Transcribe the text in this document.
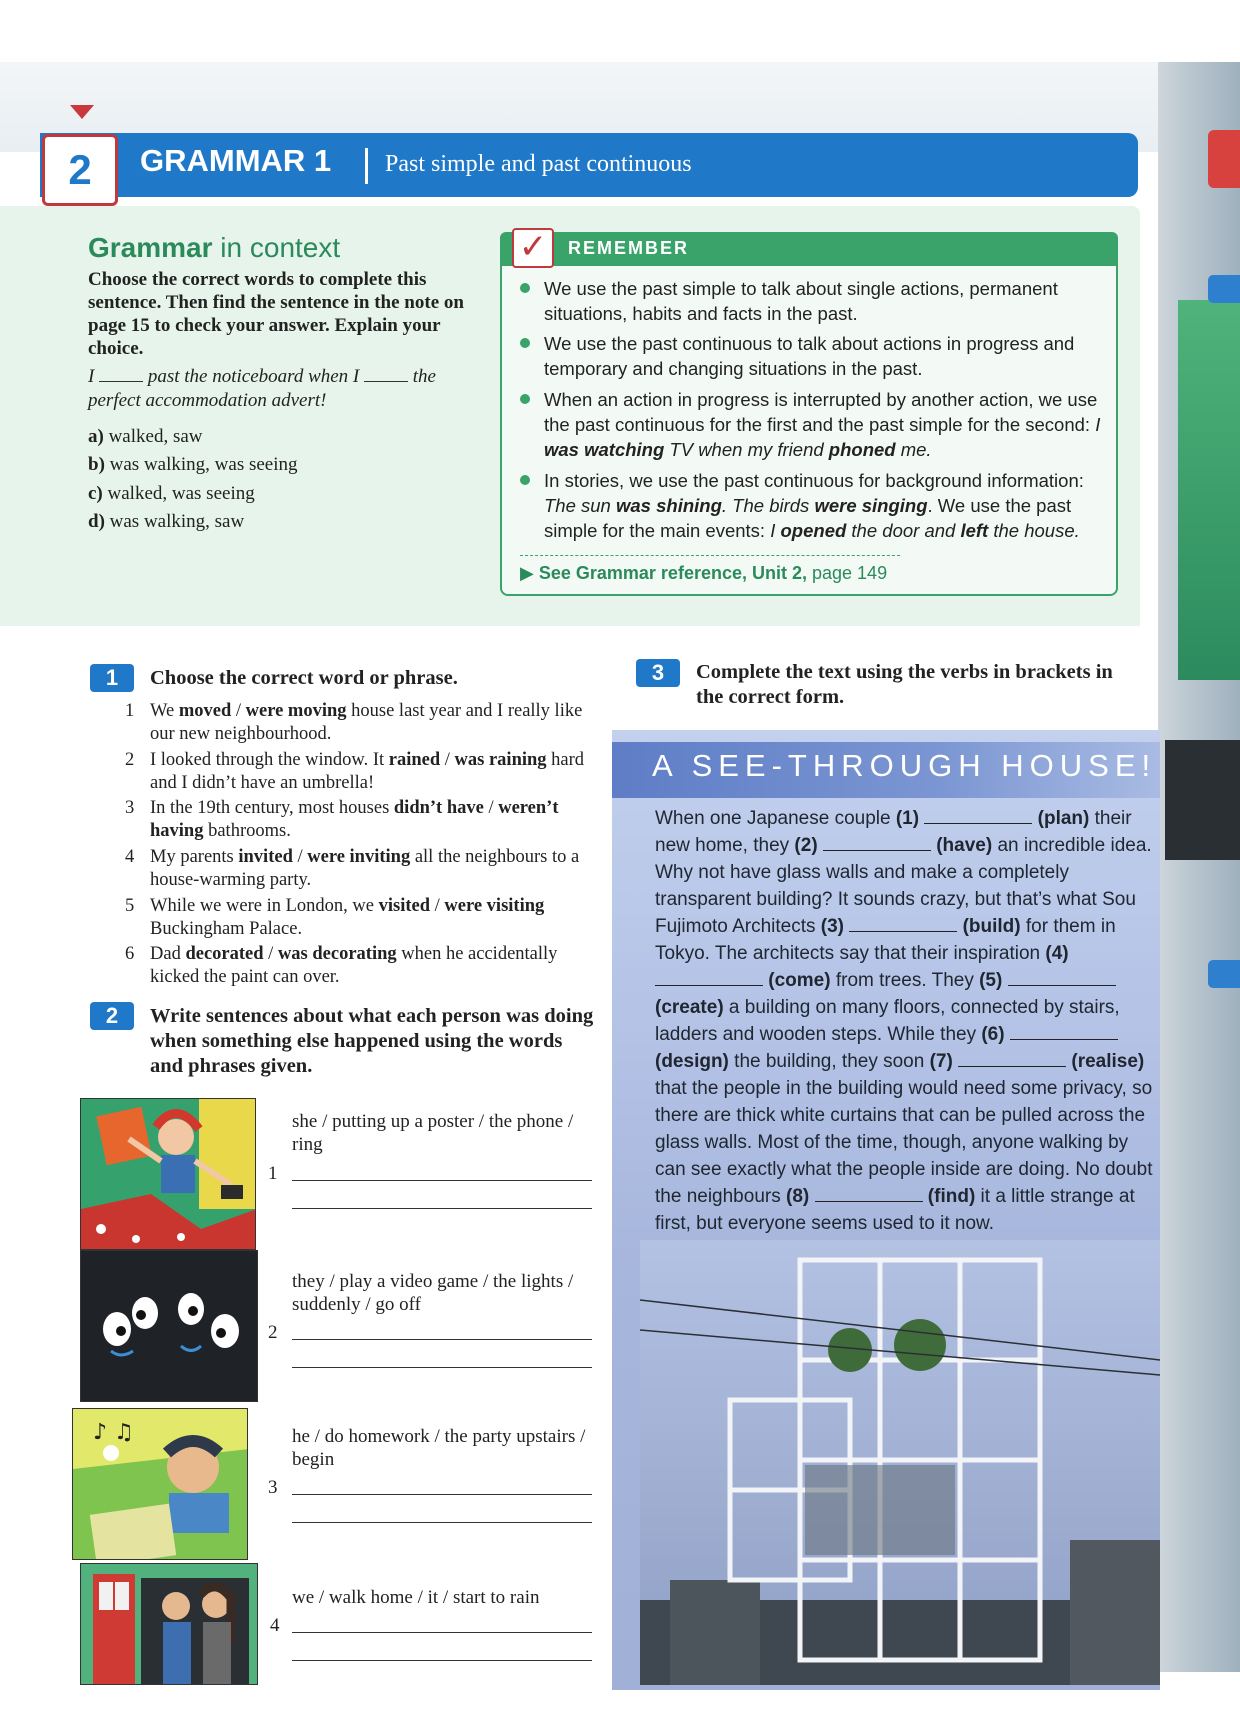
2	GRAMMAR 1 Past simple and past continuous
Grammar in context
Choose the correct words to complete this sentence. Then find the sentence in the note on page 15 to check your answer. Explain your choice.
I	past the noticeboard when I	the perfect accommodation advert!
a) walked, saw
b) was walking, was seeing
c) walked, was seeing
d) was walking, saw
✓ REMEMBER
We use the past simple to talk about single actions, permanent situations, habits and facts in the past.
We use the past continuous to talk about actions in progress and temporary and changing situations in the past.
When an action in progress is interrupted by another action, we use the past continuous for the first and the past simple for the second: I was watching TV when my friend phoned me.
In stories, we use the past continuous for background information: The sun was shining. The birds were singing. We use the past simple for the main events: I opened the door and left the house.
▶ See Grammar reference, Unit 2, page 149
1	Choose the correct word or phrase.
1 We moved / were moving house last year and I really like our new neighbourhood.
2 I looked through the window. It rained / was raining hard and I didn’t have an umbrella!
3 In the 19th century, most houses didn’t have / weren’t having bathrooms.
4 My parents invited / were inviting all the neighbours to a house-warming party.
5 While we were in London, we visited / were visiting Buckingham Palace.
6 Dad decorated / was decorating when he accidentally kicked the paint can over.
2	Write sentences about what each person was doing when something else happened using the words and phrases given.
she / putting up a poster / the phone / ring
1
they / play a video game / the lights / suddenly / go off
2
♪ ♫	he / do homework / the party upstairs / begin
3
we / walk home / it / start to rain
4
3	Complete the text using the verbs in brackets in the correct form.
A SEE-THROUGH HOUSE!
When one Japanese couple (1)	(plan) their new home, they (2)	(have) an incredible idea. Why not have glass walls and make a completely transparent building? It sounds crazy, but that’s what Sou Fujimoto Architects (3)	(build) for them in Tokyo. The architects say that their inspiration (4)  (come) from trees. They (5)  (create) a building on many floors, connected by stairs, ladders and wooden steps. While they (6)  (design) the building, they soon (7)	(realise) that the people in the building would need some privacy, so there are thick white curtains that can be pulled across the glass walls. Most of the time, though, anyone walking by can see exactly what the people inside are doing. No doubt the neighbours (8)	(find) it a little strange at first, but everyone seems used to it now.
